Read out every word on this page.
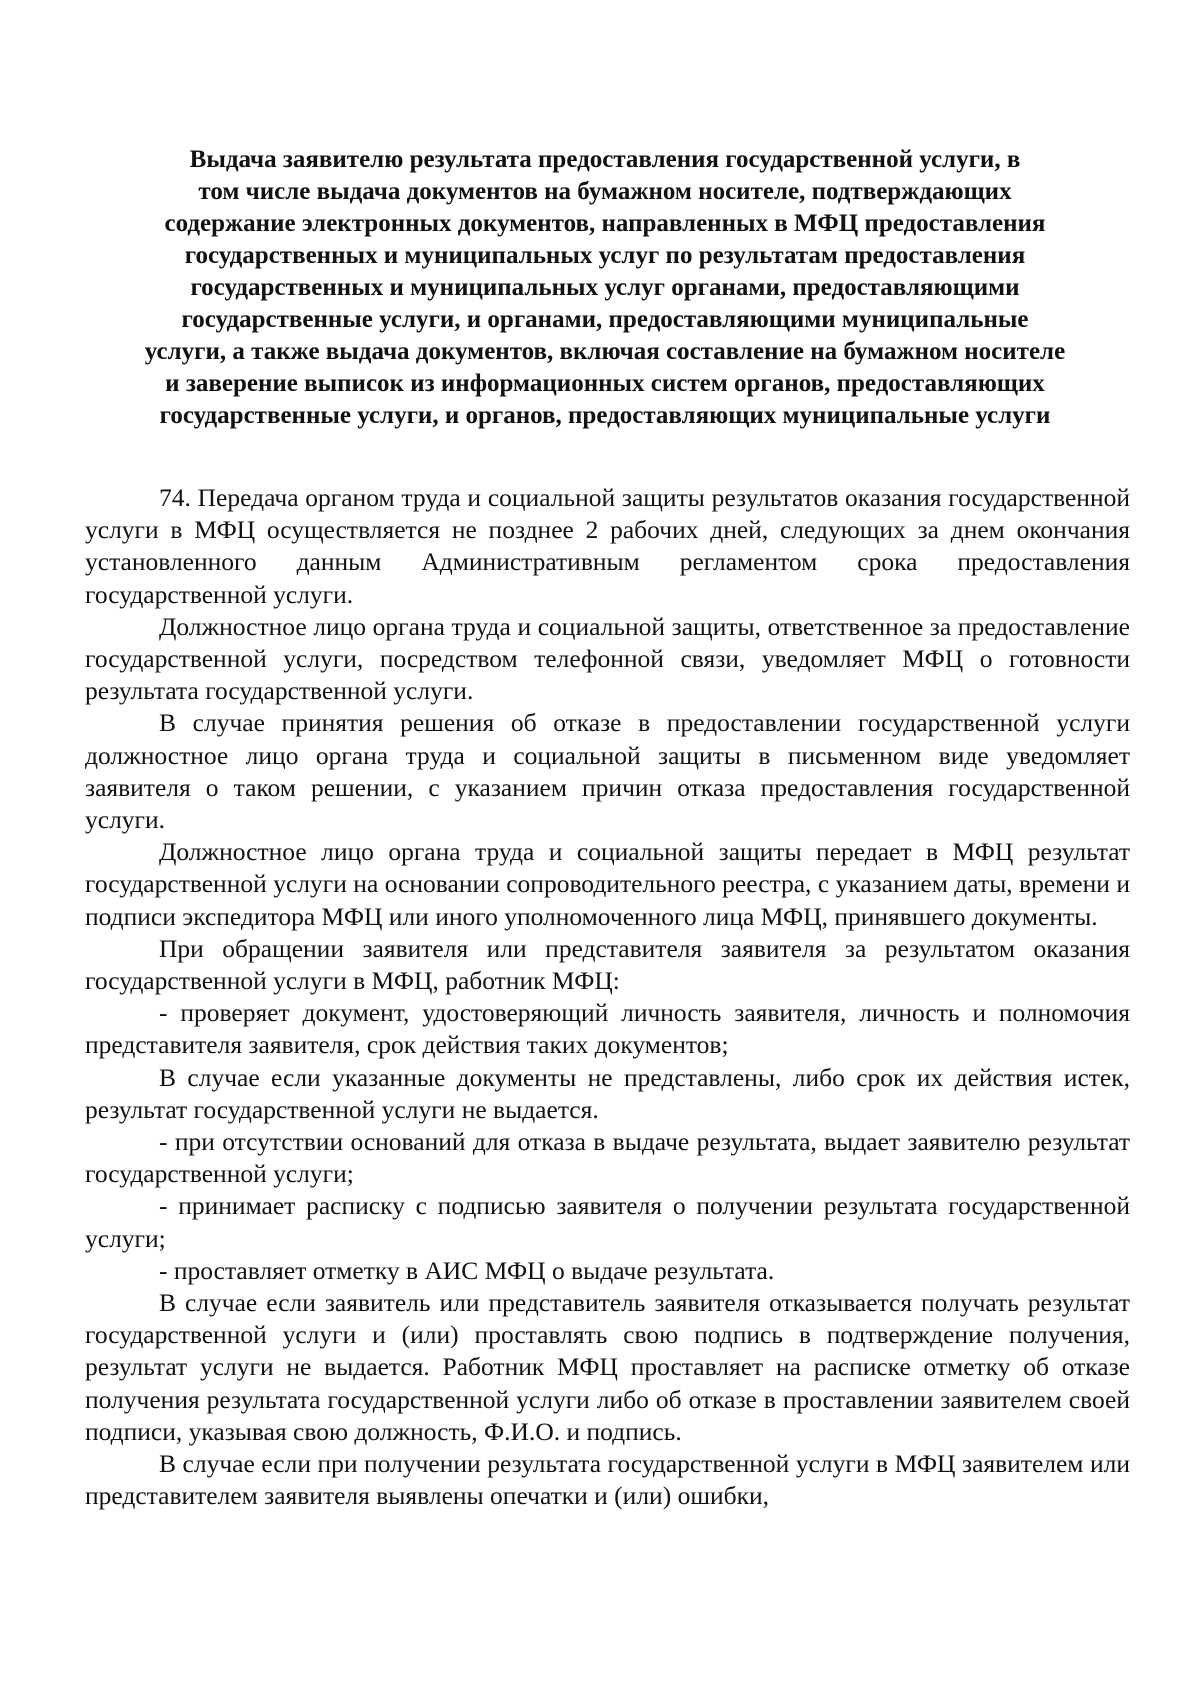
Выдача заявителю результата предоставления государственной услуги, в
том числе выдача документов на бумажном носителе, подтверждающих
содержание электронных документов, направленных в МФЦ предоставления
государственных и муниципальных услуг по результатам предоставления
государственных и муниципальных услуг органами, предоставляющими
государственные услуги, и органами, предоставляющими муниципальные
услуги, а также выдача документов, включая составление на бумажном носителе
и заверение выписок из информационных систем органов, предоставляющих
государственные услуги, и органов, предоставляющих муниципальные услуги

74. Передача органом труда и социальной защиты результатов оказания государственной услуги в МФЦ осуществляется не позднее 2 рабочих дней, следующих за днем окончания установленного данным Административным регламентом срока предоставления государственной услуги.

Должностное лицо органа труда и социальной защиты, ответственное за предоставление государственной услуги, посредством телефонной связи, уведомляет МФЦ о готовности результата государственной услуги.

В случае принятия решения об отказе в предоставлении государственной услуги должностное лицо органа труда и социальной защиты в письменном виде уведомляет заявителя о таком решении, с указанием причин отказа предоставления государственной услуги.

Должностное лицо органа труда и социальной защиты передает в МФЦ результат государственной услуги на основании сопроводительного реестра, с указанием даты, времени и подписи экспедитора МФЦ или иного уполномоченного лица МФЦ, принявшего документы.

При обращении заявителя или представителя заявителя за результатом оказания государственной услуги в МФЦ, работник МФЦ:

- проверяет документ, удостоверяющий личность заявителя, личность и полномочия представителя заявителя, срок действия таких документов;

В случае если указанные документы не представлены, либо срок их действия истек, результат государственной услуги не выдается.

- при отсутствии оснований для отказа в выдаче результата, выдает заявителю результат государственной услуги;

- принимает расписку с подписью заявителя о получении результата государственной услуги;

- проставляет отметку в АИС МФЦ о выдаче результата.

В случае если заявитель или представитель заявителя отказывается получать результат государственной услуги и (или) проставлять свою подпись в подтверждение получения, результат услуги не выдается. Работник МФЦ проставляет на расписке отметку об отказе получения результата государственной услуги либо об отказе в проставлении заявителем своей подписи, указывая свою должность, Ф.И.О. и подпись.

В случае если при получении результата государственной услуги в МФЦ заявителем или представителем заявителя выявлены опечатки и (или) ошибки,
